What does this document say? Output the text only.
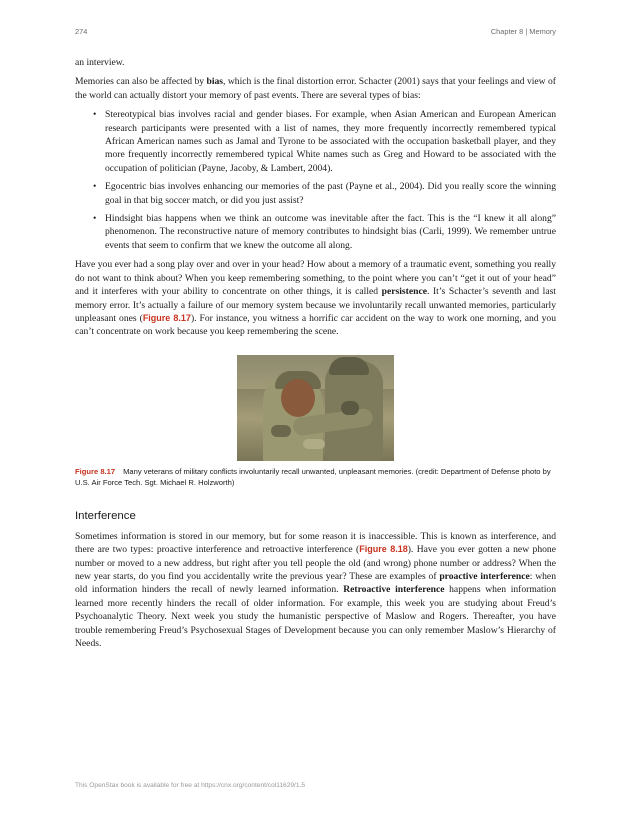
274	Chapter 8 | Memory

an interview.

Memories can also be affected by bias, which is the final distortion error. Schacter (2001) says that your feelings and view of the world can actually distort your memory of past events. There are several types of bias:

• Stereotypical bias involves racial and gender biases. For example, when Asian American and European American research participants were presented with a list of names, they more frequently incorrectly remembered typical African American names such as Jamal and Tyrone to be associated with the occupation basketball player, and they more frequently incorrectly remembered typical White names such as Greg and Howard to be associated with the occupation of politician (Payne, Jacoby, & Lambert, 2004).
• Egocentric bias involves enhancing our memories of the past (Payne et al., 2004). Did you really score the winning goal in that big soccer match, or did you just assist?
• Hindsight bias happens when we think an outcome was inevitable after the fact. This is the “I knew it all along” phenomenon. The reconstructive nature of memory contributes to hindsight bias (Carli, 1999). We remember untrue events that seem to confirm that we knew the outcome all along.

Have you ever had a song play over and over in your head? How about a memory of a traumatic event, something you really do not want to think about? When you keep remembering something, to the point where you can’t “get it out of your head” and it interferes with your ability to concentrate on other things, it is called persistence. It’s Schacter’s seventh and last memory error. It’s actually a failure of our memory system because we involuntarily recall unwanted memories, particularly unpleasant ones (Figure 8.17). For instance, you witness a horrific car accident on the way to work one morning, and you can’t concentrate on work because you keep remembering the scene.

Figure 8.17 Many veterans of military conflicts involuntarily recall unwanted, unpleasant memories. (credit: Department of Defense photo by U.S. Air Force Tech. Sgt. Michael R. Holzworth)

Interference

Sometimes information is stored in our memory, but for some reason it is inaccessible. This is known as interference, and there are two types: proactive interference and retroactive interference (Figure 8.18). Have you ever gotten a new phone number or moved to a new address, but right after you tell people the old (and wrong) phone number or address? When the new year starts, do you find you accidentally write the previous year? These are examples of proactive interference: when old information hinders the recall of newly learned information. Retroactive interference happens when information learned more recently hinders the recall of older information. For example, this week you are studying about Freud’s Psychoanalytic Theory. Next week you study the humanistic perspective of Maslow and Rogers. Thereafter, you have trouble remembering Freud’s Psychosexual Stages of Development because you can only remember Maslow’s Hierarchy of Needs.

This OpenStax book is available for free at https://cnx.org/content/col11629/1.5
